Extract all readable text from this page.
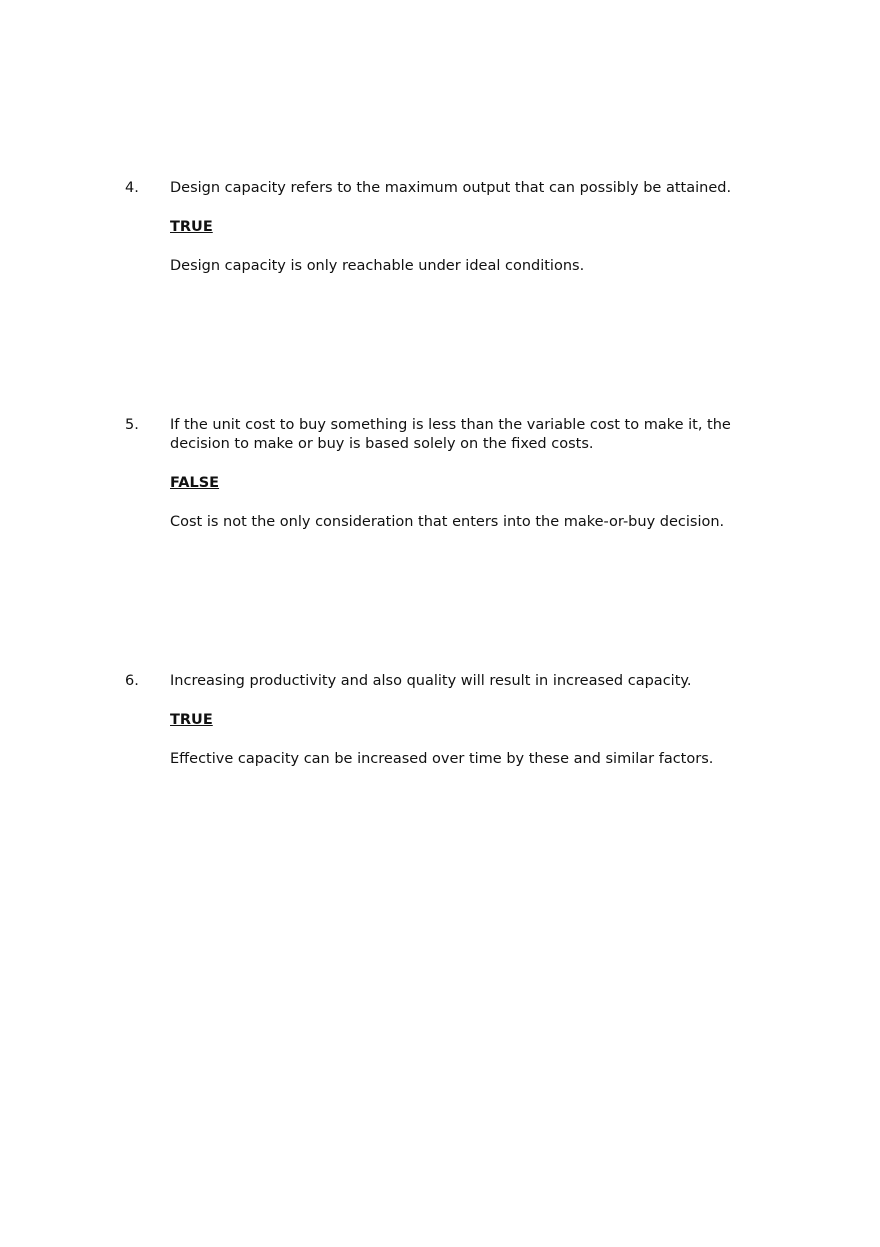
4. Design capacity refers to the maximum output that can possibly be attained.
TRUE
Design capacity is only reachable under ideal conditions.
5. If the unit cost to buy something is less than the variable cost to make it, the decision to make or buy is based solely on the fixed costs.
FALSE
Cost is not the only consideration that enters into the make-or-buy decision.
6. Increasing productivity and also quality will result in increased capacity.
TRUE
Effective capacity can be increased over time by these and similar factors.
